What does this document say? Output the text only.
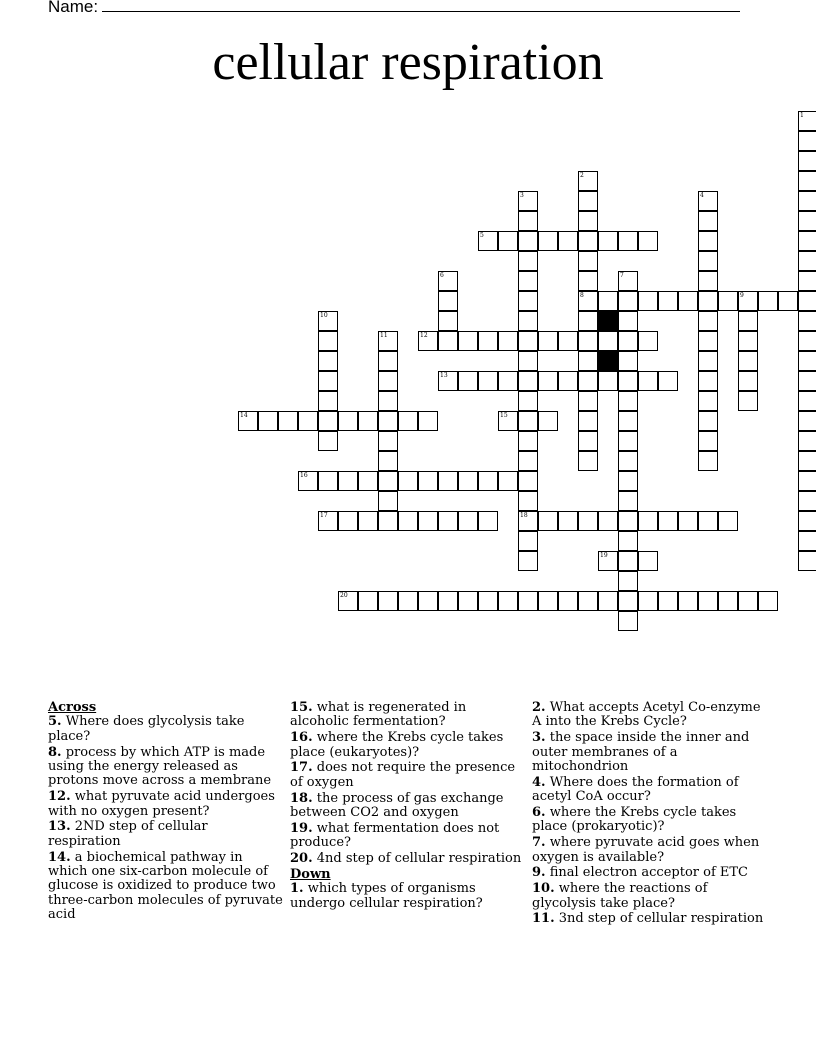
Name:
cellular respiration
1
2
8
3
18
4
5
6	7
9
10
11	12
13
14	15
16
17
19
20
Across
5. Where does glycolysis take place?
8. process by which ATP is made using the energy released as protons move across a membrane
12. what pyruvate acid undergoes with no oxygen present?
13. 2ND step of cellular respiration
14. a biochemical pathway in which one six-carbon molecule of glucose is oxidized to produce two three-carbon molecules of pyruvate acid
15. what is regenerated in alcoholic fermentation?
16. where the Krebs cycle takes place (eukaryotes)?
17. does not require the presence of oxygen
18. the process of gas exchange between CO2 and oxygen
19. what fermentation does not produce?
20. 4nd step of cellular respiration
Down
1. which types of organisms undergo cellular respiration?
2. What accepts Acetyl Co-enzyme A into the Krebs Cycle?
3. the space inside the inner and outer membranes of a mitochondrion
4. Where does the formation of acetyl CoA occur?
6. where the Krebs cycle takes place (prokaryotic)?
7. where pyruvate acid goes when oxygen is available?
9. final electron acceptor of ETC
10. where the reactions of glycolysis take place?
11. 3nd step of cellular respiration
